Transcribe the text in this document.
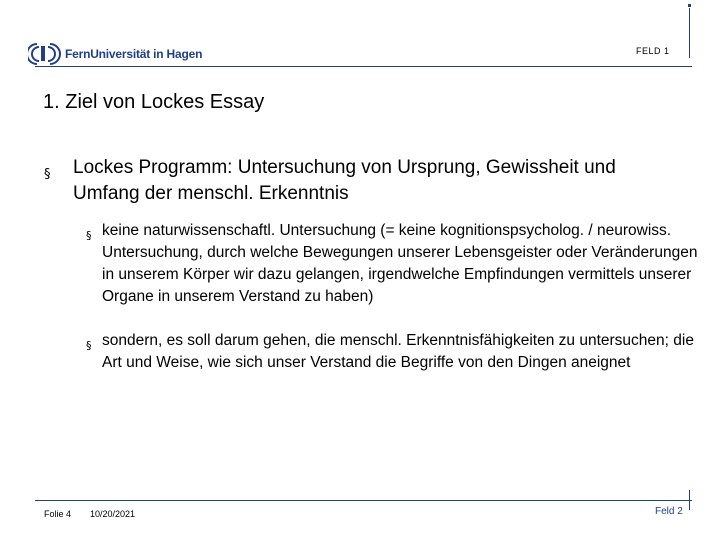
FernUniversität in Hagen	FELD 1
1. Ziel von Lockes Essay
§ Lockes Programm: Untersuchung von Ursprung, Gewissheit und Umfang der menschl. Erkenntnis
§ keine naturwissenschaftl. Untersuchung (= keine kognitionspsycholog. / neurowiss. Untersuchung, durch welche Bewegungen unserer Lebensgeister oder Veränderungen in unserem Körper wir dazu gelangen, irgendwelche Empfindungen vermittels unserer Organe in unserem Verstand zu haben)
§ sondern, es soll darum gehen, die menschl. Erkenntnisfähigkeiten zu untersuchen; die Art und Weise, wie sich unser Verstand die Begriffe von den Dingen aneignet
Folie 4 10/20/2021	Feld 2
